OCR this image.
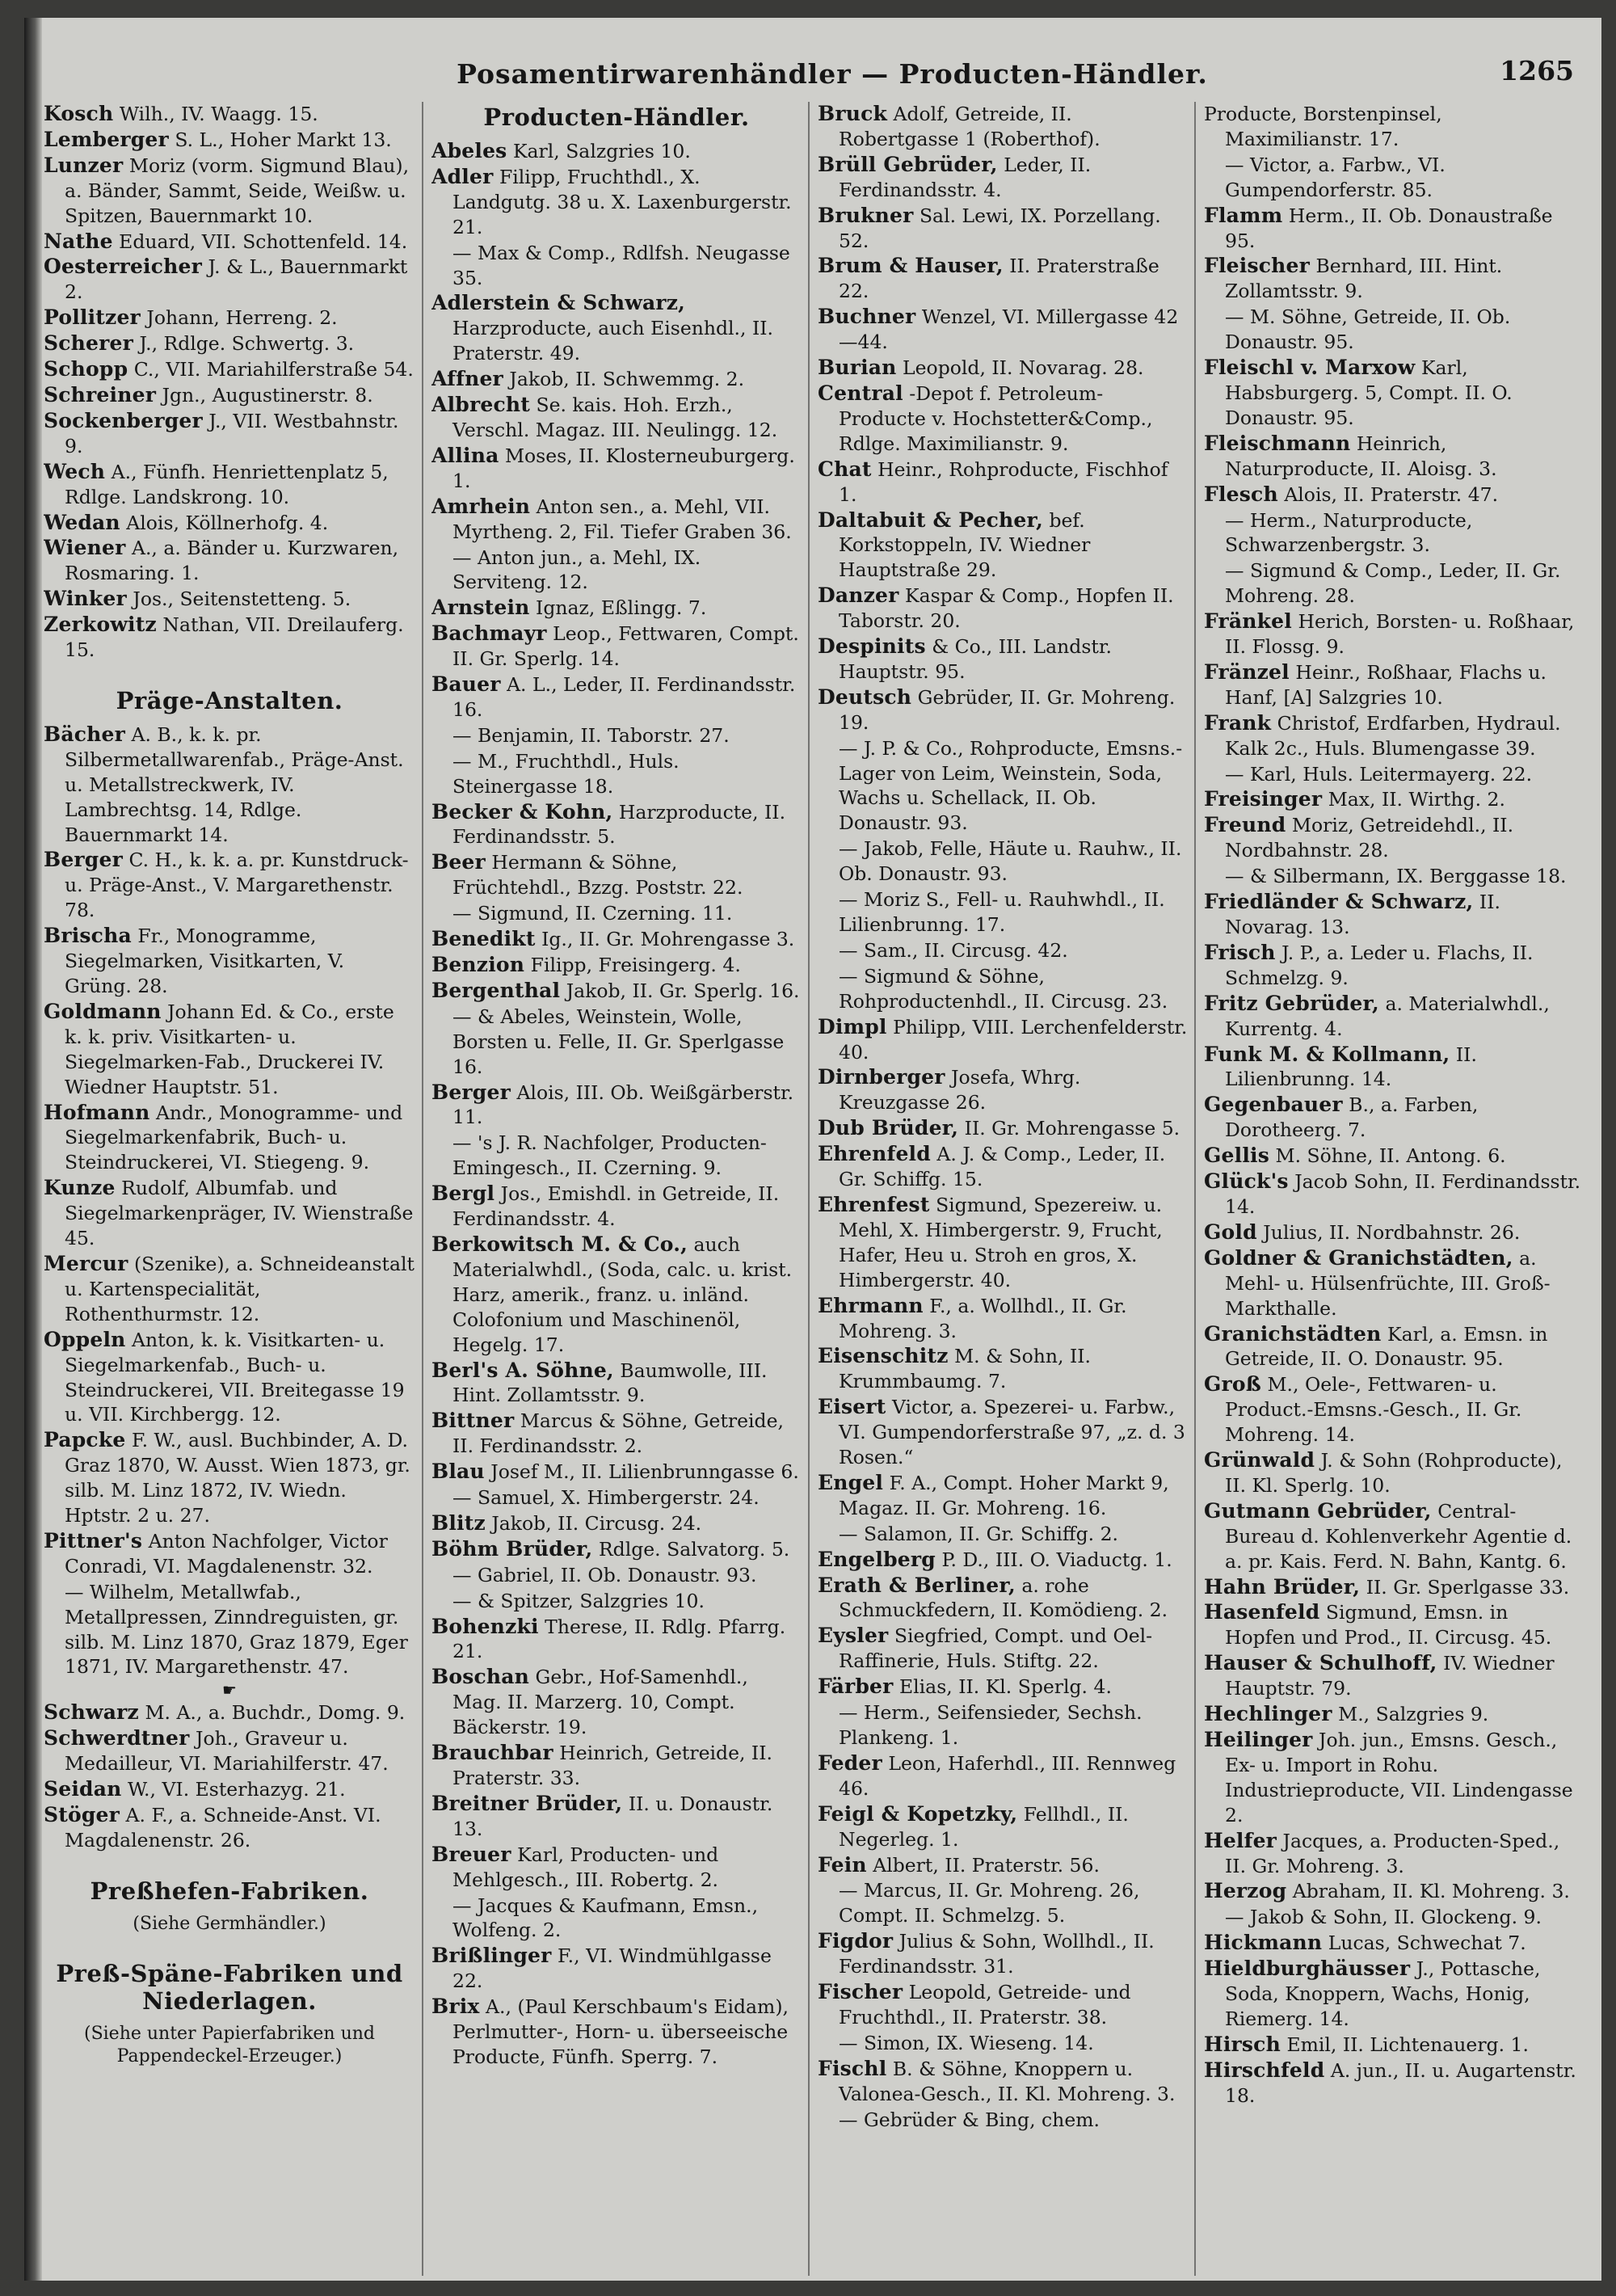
Posamentirwarenhändler — Producten-Händler.	1265
Kosch Wilh., IV. Waagg. 15.
Lemberger S. L., Hoher Markt 13.
Lunzer Moriz (vorm. Sigmund Blau), a. Bänder, Sammt, Seide, Weißw. u. Spitzen, Bauernmarkt 10.
Nathe Eduard, VII. Schottenfeld. 14.
Oesterreicher J. & L., Bauernmarkt 2.
Pollitzer Johann, Herreng. 2.
Scherer J., Rdlge. Schwertg. 3.
Schopp C., VII. Mariahilferstraße 54.
Schreiner Jgn., Augustinerstr. 8.
Sockenberger J., VII. Westbahnstr. 9.
Wech A., Fünfh. Henriettenplatz 5, Rdlge. Landskrong. 10.
Wedan Alois, Köllnerhofg. 4.
Wiener A., a. Bänder u. Kurzwaren, Rosmaring. 1.
Winker Jos., Seitenstetteng. 5.
Zerkowitz Nathan, VII. Dreilauferg. 15.
Präge-Anstalten.
Bächer A. B., k. k. pr. Silbermetallwarenfab., Präge-Anst. u. Metallstreckwerk, IV. Lambrechtsg. 14, Rdlge. Bauernmarkt 14.
Berger C. H., k. k. a. pr. Kunstdruck- u. Präge-Anst., V. Margarethenstr. 78.
Brischa Fr., Monogramme, Siegelmarken, Visitkarten, V. Grüng. 28.
Goldmann Johann Ed. & Co., erste k. k. priv. Visitkarten- u. Siegelmarken-Fab., Druckerei IV. Wiedner Hauptstr. 51.
Hofmann Andr., Monogramme- und Siegelmarkenfabrik, Buch- u. Steindruckerei, VI. Stiegeng. 9.
Kunze Rudolf, Albumfab. und Siegelmarkenpräger, IV. Wienstraße 45.
Mercur (Szenike), a. Schneideanstalt u. Kartenspecialität, Rothenthurmstr. 12.
Oppeln Anton, k. k. Visitkarten- u. Siegelmarkenfab., Buch- u. Steindruckerei, VII. Breitegasse 19 u. VII. Kirchbergg. 12.
Papcke F. W., ausl. Buchbinder, A. D. Graz 1870, W. Ausst. Wien 1873, gr. silb. M. Linz 1872, IV. Wiedn. Hptstr. 2 u. 27.
Pittner's Anton Nachfolger, Victor Conradi, VI. Magdalenenstr. 32.
— Wilhelm, Metallwfab., Metallpressen, Zinndreguisten, gr. silb. M. Linz 1870, Graz 1879, Eger 1871, IV. Margarethenstr. 47.
☛
Schwarz M. A., a. Buchdr., Domg. 9.
Schwerdtner Joh., Graveur u. Medailleur, VI. Mariahilferstr. 47.
Seidan W., VI. Esterhazyg. 21.
Stöger A. F., a. Schneide-Anst. VI. Magdalenenstr. 26.
Preßhefen-Fabriken.
(Siehe Germhändler.)
Preß-Späne-Fabriken und Niederlagen.
(Siehe unter Papierfabriken und Pappendeckel-Erzeuger.)
Producten-Händler.
Abeles Karl, Salzgries 10.
Adler Filipp, Fruchthdl., X. Landgutg. 38 u. X. Laxenburgerstr. 21.
— Max & Comp., Rdlfsh. Neugasse 35.
Adlerstein & Schwarz, Harzproducte, auch Eisenhdl., II. Praterstr. 49.
Affner Jakob, II. Schwemmg. 2.
Albrecht Se. kais. Hoh. Erzh., Verschl. Magaz. III. Neulingg. 12.
Allina Moses, II. Klosterneuburgerg. 1.
Amrhein Anton sen., a. Mehl, VII. Myrtheng. 2, Fil. Tiefer Graben 36.
— Anton jun., a. Mehl, IX. Serviteng. 12.
Arnstein Ignaz, Eßlingg. 7.
Bachmayr Leop., Fettwaren, Compt. II. Gr. Sperlg. 14.
Bauer A. L., Leder, II. Ferdinandsstr. 16.
— Benjamin, II. Taborstr. 27.
— M., Fruchthdl., Huls. Steinergasse 18.
Becker & Kohn, Harzproducte, II. Ferdinandsstr. 5.
Beer Hermann & Söhne, Früchtehdl., Bzzg. Poststr. 22.
— Sigmund, II. Czerning. 11.
Benedikt Ig., II. Gr. Mohrengasse 3.
Benzion Filipp, Freisingerg. 4.
Bergenthal Jakob, II. Gr. Sperlg. 16.
— & Abeles, Weinstein, Wolle, Borsten u. Felle, II. Gr. Sperlgasse 16.
Berger Alois, III. Ob. Weißgärberstr. 11.
— 's J. R. Nachfolger, Producten-Emingesch., II. Czerning. 9.
Bergl Jos., Emishdl. in Getreide, II. Ferdinandsstr. 4.
Berkowitsch M. & Co., auch Materialwhdl., (Soda, calc. u. krist. Harz, amerik., franz. u. inländ. Colofonium und Maschinenöl, Hegelg. 17.
Berl's A. Söhne, Baumwolle, III. Hint. Zollamtsstr. 9.
Bittner Marcus & Söhne, Getreide, II. Ferdinandsstr. 2.
Blau Josef M., II. Lilienbrunngasse 6.
— Samuel, X. Himbergerstr. 24.
Blitz Jakob, II. Circusg. 24.
Böhm Brüder, Rdlge. Salvatorg. 5.
— Gabriel, II. Ob. Donaustr. 93.
— & Spitzer, Salzgries 10.
Bohenzki Therese, II. Rdlg. Pfarrg. 21.
Boschan Gebr., Hof-Samenhdl., Mag. II. Marzerg. 10, Compt. Bäckerstr. 19.
Brauchbar Heinrich, Getreide, II. Praterstr. 33.
Breitner Brüder, II. u. Donaustr. 13.
Breuer Karl, Producten- und Mehlgesch., III. Robertg. 2.
— Jacques & Kaufmann, Emsn., Wolfeng. 2.
Brißlinger F., VI. Windmühlgasse 22.
Brix A., (Paul Kerschbaum's Eidam), Perlmutter-, Horn- u. überseeische Producte, Fünfh. Sperrg. 7.
Bruck Adolf, Getreide, II. Robertgasse 1 (Roberthof).
Brüll Gebrüder, Leder, II. Ferdinandsstr. 4.
Brukner Sal. Lewi, IX. Porzellang. 52.
Brum & Hauser, II. Praterstraße 22.
Buchner Wenzel, VI. Millergasse 42—44.
Burian Leopold, II. Novarag. 28.
Central -Depot f. Petroleum-Producte v. Hochstetter&Comp., Rdlge. Maximilianstr. 9.
Chat Heinr., Rohproducte, Fischhof 1.
Daltabuit & Pecher, bef. Korkstoppeln, IV. Wiedner Hauptstraße 29.
Danzer Kaspar & Comp., Hopfen II. Taborstr. 20.
Despinits & Co., III. Landstr. Hauptstr. 95.
Deutsch Gebrüder, II. Gr. Mohreng. 19.
— J. P. & Co., Rohproducte, Emsns.-Lager von Leim, Weinstein, Soda, Wachs u. Schellack, II. Ob. Donaustr. 93.
— Jakob, Felle, Häute u. Rauhw., II. Ob. Donaustr. 93.
— Moriz S., Fell- u. Rauhwhdl., II. Lilienbrunng. 17.
— Sam., II. Circusg. 42.
— Sigmund & Söhne, Rohproductenhdl., II. Circusg. 23.
Dimpl Philipp, VIII. Lerchenfelderstr. 40.
Dirnberger Josefa, Whrg. Kreuzgasse 26.
Dub Brüder, II. Gr. Mohrengasse 5.
Ehrenfeld A. J. & Comp., Leder, II. Gr. Schiffg. 15.
Ehrenfest Sigmund, Spezereiw. u. Mehl, X. Himbergerstr. 9, Frucht, Hafer, Heu u. Stroh en gros, X. Himbergerstr. 40.
Ehrmann F., a. Wollhdl., II. Gr. Mohreng. 3.
Eisenschitz M. & Sohn, II. Krummbaumg. 7.
Eisert Victor, a. Spezerei- u. Farbw., VI. Gumpendorferstraße 97, „z. d. 3 Rosen.“
Engel F. A., Compt. Hoher Markt 9, Magaz. II. Gr. Mohreng. 16.
— Salamon, II. Gr. Schiffg. 2.
Engelberg P. D., III. O. Viaductg. 1.
Erath & Berliner, a. rohe Schmuckfedern, II. Komödieng. 2.
Eysler Siegfried, Compt. und Oel-Raffinerie, Huls. Stiftg. 22.
Färber Elias, II. Kl. Sperlg. 4.
— Herm., Seifensieder, Sechsh. Plankeng. 1.
Feder Leon, Haferhdl., III. Rennweg 46.
Feigl & Kopetzky, Fellhdl., II. Negerleg. 1.
Fein Albert, II. Praterstr. 56.
— Marcus, II. Gr. Mohreng. 26, Compt. II. Schmelzg. 5.
Figdor Julius & Sohn, Wollhdl., II. Ferdinandsstr. 31.
Fischer Leopold, Getreide- und Fruchthdl., II. Praterstr. 38.
— Simon, IX. Wieseng. 14.
Fischl B. & Söhne, Knoppern u. Valonea-Gesch., II. Kl. Mohreng. 3.
— Gebrüder & Bing, chem.
Producte, Borstenpinsel, Maximilianstr. 17.
— Victor, a. Farbw., VI. Gumpendorferstr. 85.
Flamm Herm., II. Ob. Donaustraße 95.
Fleischer Bernhard, III. Hint. Zollamtsstr. 9.
— M. Söhne, Getreide, II. Ob. Donaustr. 95.
Fleischl v. Marxow Karl, Habsburgerg. 5, Compt. II. O. Donaustr. 95.
Fleischmann Heinrich, Naturproducte, II. Aloisg. 3.
Flesch Alois, II. Praterstr. 47.
— Herm., Naturproducte, Schwarzenbergstr. 3.
— Sigmund & Comp., Leder, II. Gr. Mohreng. 28.
Fränkel Herich, Borsten- u. Roßhaar, II. Flossg. 9.
Fränzel Heinr., Roßhaar, Flachs u. Hanf, [A] Salzgries 10.
Frank Christof, Erdfarben, Hydraul. Kalk 2c., Huls. Blumengasse 39.
— Karl, Huls. Leitermayerg. 22.
Freisinger Max, II. Wirthg. 2.
Freund Moriz, Getreidehdl., II. Nordbahnstr. 28.
— & Silbermann, IX. Berggasse 18.
Friedländer & Schwarz, II. Novarag. 13.
Frisch J. P., a. Leder u. Flachs, II. Schmelzg. 9.
Fritz Gebrüder, a. Materialwhdl., Kurrentg. 4.
Funk M. & Kollmann, II. Lilienbrunng. 14.
Gegenbauer B., a. Farben, Dorotheerg. 7.
Gellis M. Söhne, II. Antong. 6.
Glück's Jacob Sohn, II. Ferdinandsstr. 14.
Gold Julius, II. Nordbahnstr. 26.
Goldner & Granichstädten, a. Mehl- u. Hülsenfrüchte, III. Groß-Markthalle.
Granichstädten Karl, a. Emsn. in Getreide, II. O. Donaustr. 95.
Groß M., Oele-, Fettwaren- u. Product.-Emsns.-Gesch., II. Gr. Mohreng. 14.
Grünwald J. & Sohn (Rohproducte), II. Kl. Sperlg. 10.
Gutmann Gebrüder, Central-Bureau d. Kohlenverkehr Agentie d. a. pr. Kais. Ferd. N. Bahn, Kantg. 6.
Hahn Brüder, II. Gr. Sperlgasse 33.
Hasenfeld Sigmund, Emsn. in Hopfen und Prod., II. Circusg. 45.
Hauser & Schulhoff, IV. Wiedner Hauptstr. 79.
Hechlinger M., Salzgries 9.
Heilinger Joh. jun., Emsns. Gesch., Ex- u. Import in Rohu. Industrieproducte, VII. Lindengasse 2.
Helfer Jacques, a. Producten-Sped., II. Gr. Mohreng. 3.
Herzog Abraham, II. Kl. Mohreng. 3.
— Jakob & Sohn, II. Glockeng. 9.
Hickmann Lucas, Schwechat 7.
Hieldburghäusser J., Pottasche, Soda, Knoppern, Wachs, Honig, Riemerg. 14.
Hirsch Emil, II. Lichtenauerg. 1.
Hirschfeld A. jun., II. u. Augartenstr. 18.
